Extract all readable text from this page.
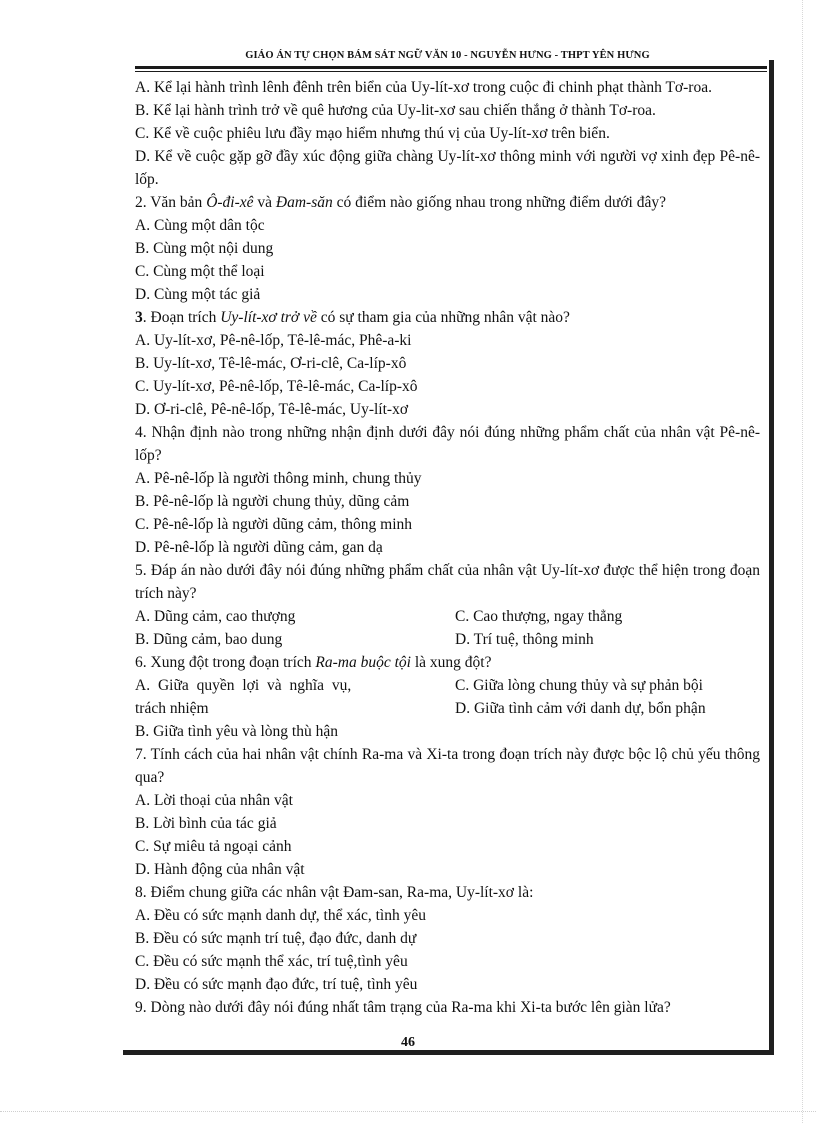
GIÁO ÁN TỰ CHỌN BÁM SÁT NGỮ VĂN 10 - NGUYỄN HƯNG - THPT YÊN HƯNG

A. Kể lại hành trình lênh đênh trên biển của Uy-lít-xơ trong cuộc đi chinh phạt thành Tơ-roa.

B. Kể lại hành trình trở về quê hương của Uy-lit-xơ sau chiến thắng ở thành Tơ-roa.

C. Kể về cuộc phiêu lưu đầy mạo hiểm nhưng thú vị của Uy-lít-xơ trên biển.

D. Kể về cuộc gặp gỡ đầy xúc động giữa chàng Uy-lít-xơ thông minh với người vợ xinh đẹp Pê-nê-lốp.

2. Văn bản Ô-đi-xê và Đam-săn có điểm nào giống nhau trong những điểm dưới đây?

A. Cùng một dân tộc

B. Cùng một nội dung

C. Cùng một thể loại

D. Cùng một tác giả

3. Đoạn trích Uy-lít-xơ trở về có sự tham gia của những nhân vật nào?

A. Uy-lít-xơ, Pê-nê-lốp, Tê-lê-mác, Phê-a-ki

B. Uy-lít-xơ, Tê-lê-mác, Ơ-ri-clê, Ca-líp-xô

C. Uy-lít-xơ, Pê-nê-lốp, Tê-lê-mác, Ca-líp-xô

D. Ơ-ri-clê, Pê-nê-lốp, Tê-lê-mác, Uy-lít-xơ

4. Nhận định nào trong những nhận định dưới đây nói đúng những phẩm chất của nhân vật Pê-nê-lốp?

A. Pê-nê-lốp là người thông minh, chung thủy

B. Pê-nê-lốp là người chung thủy, dũng cảm

C. Pê-nê-lốp là người dũng cảm, thông minh

D. Pê-nê-lốp là người dũng cảm, gan dạ

5. Đáp án nào dưới đây nói đúng những phẩm chất của nhân vật Uy-lít-xơ được thể hiện trong đoạn trích này?

A. Dũng cảm, cao thượng	C. Cao thượng, ngay thẳng
B. Dũng cảm, bao dung	D. Trí tuệ, thông minh

6. Xung đột trong đoạn trích Ra-ma buộc tội là xung đột?

A. Giữa quyền lợi và nghĩa vụ,	C. Giữa lòng chung thủy và sự phản bội
trách nhiệm	D. Giữa tình cảm với danh dự, bổn phận

B. Giữa tình yêu và lòng thù hận

7. Tính cách của hai nhân vật chính Ra-ma và Xi-ta trong đoạn trích này được bộc lộ chủ yếu thông qua?

A. Lời thoại của nhân vật

B. Lời bình của tác giả

C. Sự miêu tả ngoại cảnh

D. Hành động của nhân vật

8. Điểm chung giữa các nhân vật Đam-san, Ra-ma, Uy-lít-xơ là:

A. Đều có sức mạnh danh dự, thể xác, tình yêu

B. Đều có sức mạnh trí tuệ, đạo đức, danh dự

C. Đều có sức mạnh thể xác, trí tuệ,tình yêu

D. Đều có sức mạnh đạo đức, trí tuệ, tình yêu

9. Dòng nào dưới đây nói đúng nhất tâm trạng của Ra-ma khi Xi-ta bước lên giàn lửa?

46
